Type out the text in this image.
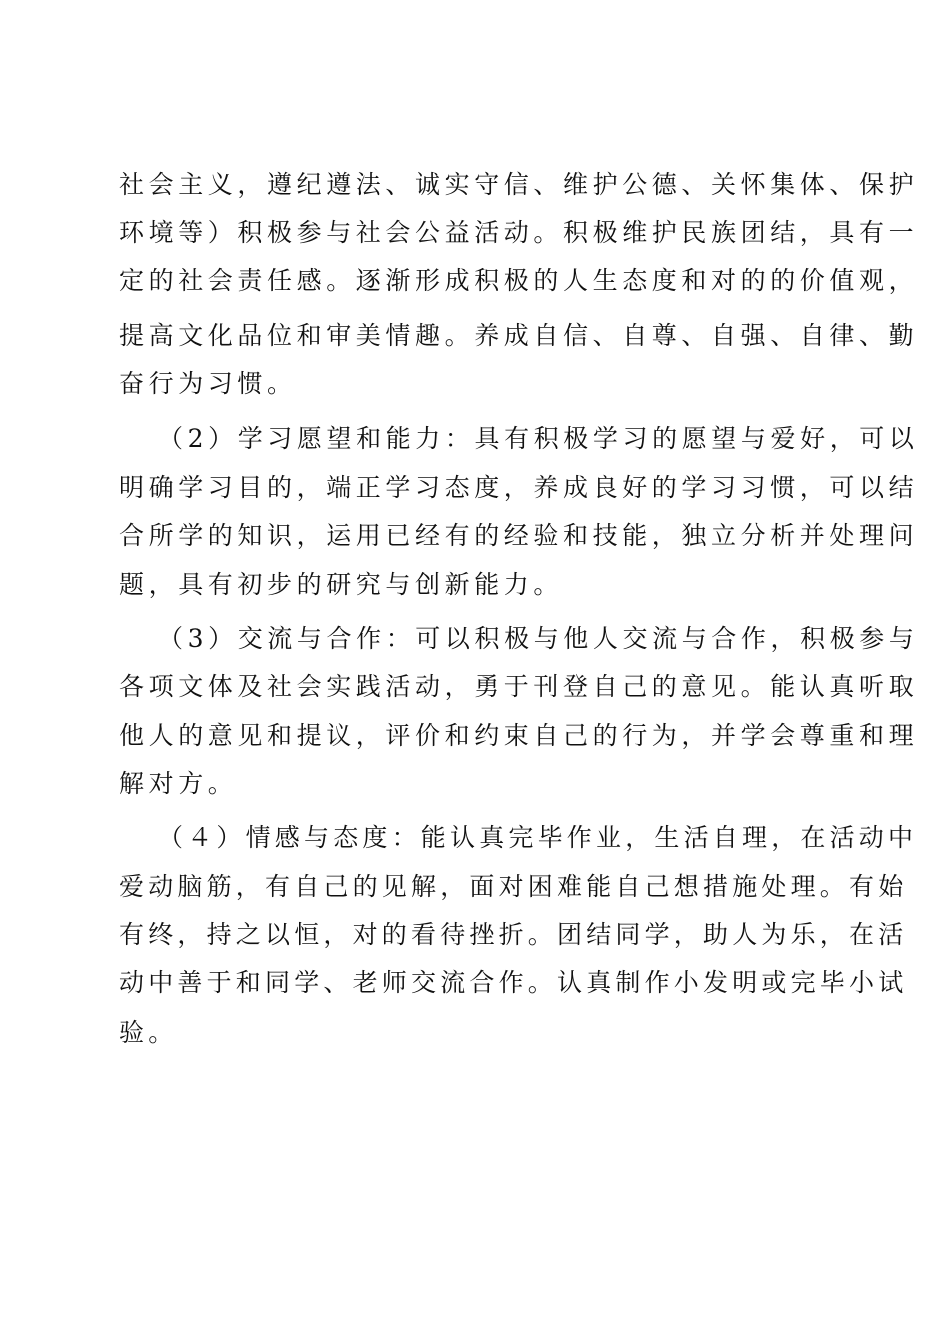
社会主义，遵纪遵法、诚实守信、维护公德、关怀集体、保护
环境等）积极参与社会公益活动。积极维护民族团结，具有一
定的社会责任感。逐渐形成积极的人生态度和对的的价值观，
提高文化品位和审美情趣。养成自信、自尊、自强、自律、勤
奋行为习惯。
（2）学习愿望和能力：具有积极学习的愿望与爱好，可以
明确学习目的，端正学习态度，养成良好的学习习惯，可以结
合所学的知识，运用已经有的经验和技能，独立分析并处理问
题，具有初步的研究与创新能力。
（3）交流与合作：可以积极与他人交流与合作，积极参与
各项文体及社会实践活动，勇于刊登自己的意见。能认真听取
他人的意见和提议，评价和约束自己的行为，并学会尊重和理
解对方。
（４）情感与态度：能认真完毕作业，生活自理，在活动中
爱动脑筋，有自己的见解，面对困难能自己想措施处理。有始
有终，持之以恒，对的看待挫折。团结同学，助人为乐，在活
动中善于和同学、老师交流合作。认真制作小发明或完毕小试
验。
